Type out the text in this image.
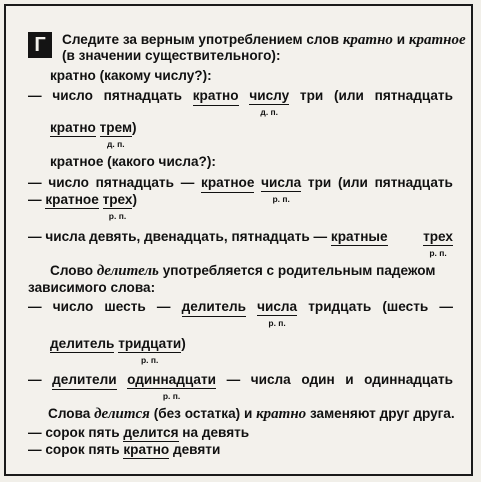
Г	Следите за верным употреблением слов кратно и кратное
(в значении существительного):
кратно (какому числу?):
— число пятнадцать кратно числу
д. п.
три (или пятнадцать
кратно трем
д. п.
)
кратное (какого числа?):
— число пятнадцать — кратное числа
р. п.
три (или пятнадцать
— кратное трех
р. п.
)
— числа девять, двенадцать, пятнадцать — кратные	трех
р. п.
Слово делитель употребляется с родительным падежом
зависимого слова:
— число шесть — делитель числа
р. п.
тридцать (шесть —
делитель тридцати
р. п.
)
— делители одиннадцати
р. п.
— числа один и одиннадцать
Слова делится (без остатка) и кратно заменяют друг друга.
— сорок пять делится на девять
— сорок пять кратно девяти
